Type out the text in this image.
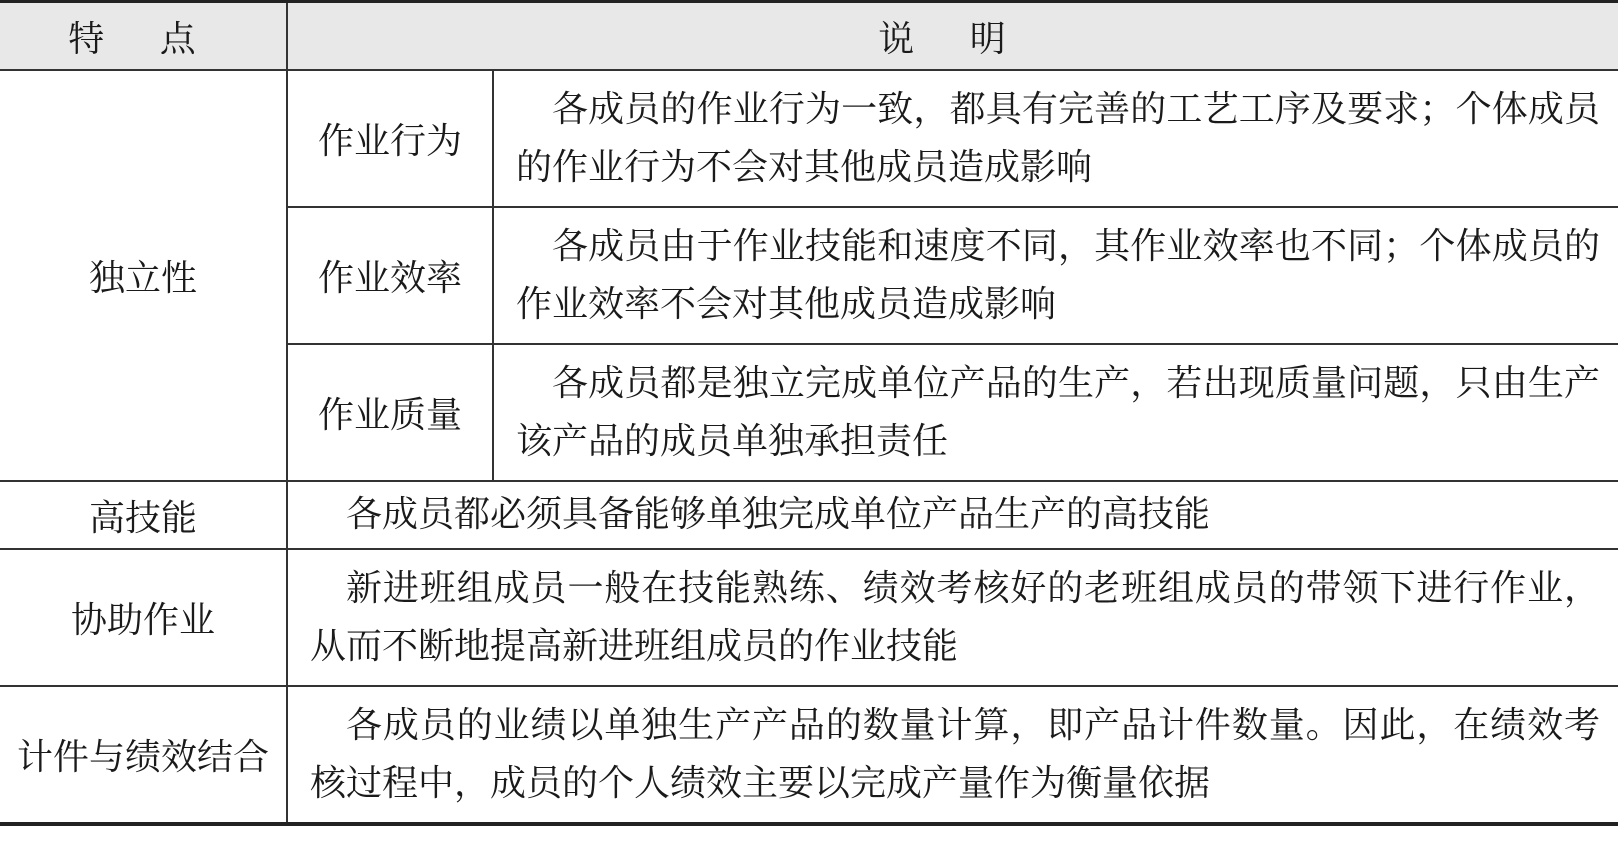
特 点	说 明	
独立性	作业行为	各成员的作业行为一致，都具有完善的工艺工序及要求；个体成员的作业行为不会对其他成员造成影响
	作业效率	各成员由于作业技能和速度不同，其作业效率也不同；个体成员的作业效率不会对其他成员造成影响
	作业质量	各成员都是独立完成单位产品的生产，若出现质量问题，只由生产该产品的成员单独承担责任
高技能	各成员都必须具备能够单独完成单位产品生产的高技能	
协助作业	新进班组成员一般在技能熟练、绩效考核好的老班组成员的带领下进行作业，从而不断地提高新进班组成员的作业技能	
计件与绩效结合	各成员的业绩以单独生产产品的数量计算，即产品计件数量。因此，在绩效考核过程中，成员的个人绩效主要以完成产量作为衡量依据	
